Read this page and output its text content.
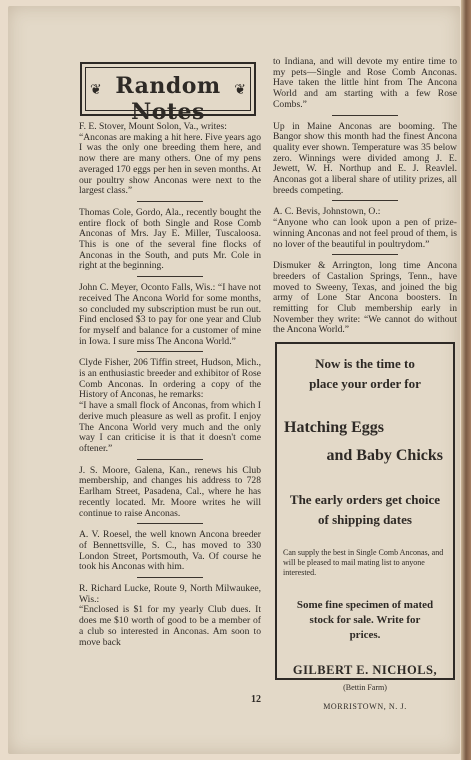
❦ Random Notes
❦

F. E. Stover, Mount Solon, Va., writes:

“Anconas are making a hit here. Five years ago I was the only one breeding them here, and now there are many others. One of my pens averaged 170 eggs per hen in seven months. At our poultry show Anconas were next to the largest class.”

Thomas Cole, Gordo, Ala., recently bought the entire flock of both Single and Rose Comb Anconas of Mrs. Jay E. Miller, Tuscaloosa. This is one of the several fine flocks of Anconas in the South, and puts Mr. Cole in right at the beginning.

John C. Meyer, Oconto Falls, Wis.: “I have not received The Ancona World for some months, so concluded my subscription must be run out. Find enclosed $3 to pay for one year and Club for myself and balance for a customer of mine in Iowa. I sure miss The Ancona World.”

Clyde Fisher, 206 Tiffin street, Hudson, Mich., is an enthusiastic breeder and exhibitor of Rose Comb Anconas. In ordering a copy of the History of Anconas, he remarks:

“I have a small flock of Anconas, from which I derive much pleasure as well as profit. I enjoy The Ancona World very much and the only way I can criticise it is that it doesn't come oftener.”

J. S. Moore, Galena, Kan., renews his Club membership, and changes his address to 728 Earlham Street, Pasadena, Cal., where he has recently located. Mr. Moore writes he will continue to raise Anconas.

A. V. Roesel, the well known Ancona breeder of Bennettsville, S. C., has moved to 330 London Street, Portsmouth, Va. Of course he took his Anconas with him.

R. Richard Lucke, Route 9, North Milwaukee, Wis.:

“Enclosed is $1 for my yearly Club dues. It does me $10 worth of good to be a member of a club so interested in Anconas. Am soon to move back

to Indiana, and will devote my entire time to my pets—Single and Rose Comb Anconas. Have taken the little hint from The Ancona World and am starting with a few Rose Combs.”

Up in Maine Anconas are booming. The Bangor show this month had the finest Ancona quality ever shown. Temperature was 35 below zero. Winnings were divided among J. E. Jewett, W. H. Northup and E. J. Reavlel. Anconas got a liberal share of utility prizes, all breeds competing.

A. C. Bevis, Johnstown, O.:

“Anyone who can look upon a pen of prize-winning Anconas and not feel proud of them, is no lover of the beautiful in poultrydom.”

Dismuker & Arrington, long time Ancona breeders of Castalion Springs, Tenn., have moved to Sweeny, Texas, and joined the big army of Lone Star Ancona boosters. In remitting for Club membership early in November they write: “We cannot do without the Ancona World.”

Now is the time to
place your order for
Hatching Eggs
and Baby Chicks
The early orders get choice
of shipping dates
Can supply the best in Single Comb Anconas, and will be pleased to mail mating list to anyone interested.
Some fine specimen of mated
stock for sale. Write for
prices.
GILBERT E. NICHOLS,
(Bettin Farm)
MORRISTOWN, N. J.
12
